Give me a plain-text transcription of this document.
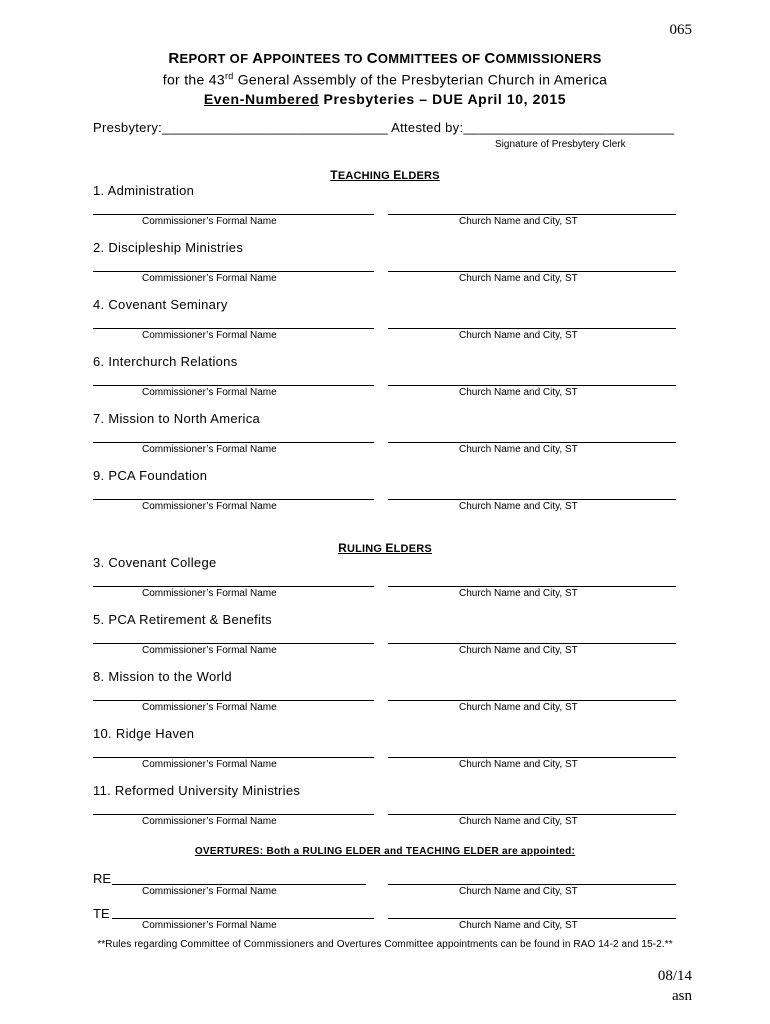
065
REPORT OF APPOINTEES TO COMMITTEES OF COMMISSIONERS
for the 43rd General Assembly of the Presbyterian Church in America
Even-Numbered Presbyteries – DUE April 10, 2015
Presbytery:______________________________ Attested by:____________________________
Signature of Presbytery Clerk
TEACHING ELDERS
1. Administration
Commissioner’s Formal Name	Church Name and City, ST
2. Discipleship Ministries
Commissioner’s Formal Name	Church Name and City, ST
4. Covenant Seminary
Commissioner’s Formal Name	Church Name and City, ST
6. Interchurch Relations
Commissioner’s Formal Name	Church Name and City, ST
7. Mission to North America
Commissioner’s Formal Name	Church Name and City, ST
9. PCA Foundation
Commissioner’s Formal Name	Church Name and City, ST
RULING ELDERS
3. Covenant College
Commissioner’s Formal Name	Church Name and City, ST
5. PCA Retirement & Benefits
Commissioner’s Formal Name	Church Name and City, ST
8. Mission to the World
Commissioner’s Formal Name	Church Name and City, ST
10. Ridge Haven
Commissioner’s Formal Name	Church Name and City, ST
11. Reformed University Ministries
Commissioner’s Formal Name	Church Name and City, ST
OVERTURES: Both a RULING ELDER and TEACHING ELDER are appointed:
RE
Commissioner’s Formal Name	Church Name and City, ST
TE
Commissioner’s Formal Name	Church Name and City, ST
**Rules regarding Committee of Commissioners and Overtures Committee appointments can be found in RAO 14-2 and 15-2.**
08/14
asn
